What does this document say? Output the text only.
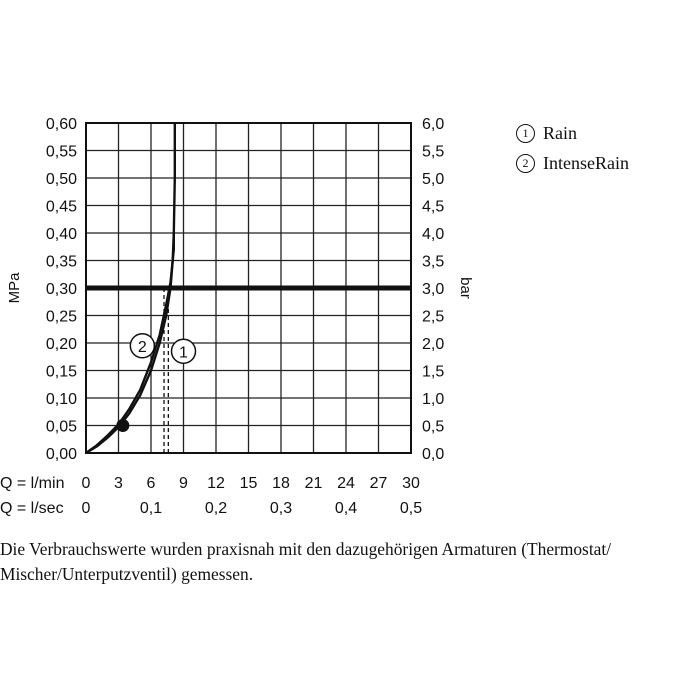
1
2
0,00
0,05
0,10
0,15
0,20
0,25
0,30
0,35
0,40
0,45
0,50
0,55
0,60
0,0
0,5
1,0
1,5
2,0
2,5
3,0
3,5
4,0
4,5
5,0
5,5
6,0
MPa	bar
Q = l/min
Q = l/sec
0 3 6 9 12 15 18 21 24 27 30
0	0,1	0,2	0,3	0,4	0,5
1 Rain
2 IntenseRain
Die Verbrauchswerte wurden praxisnah mit den dazugehörigen Armaturen (Thermostat/
Mischer/Unterputzventil) gemessen.
